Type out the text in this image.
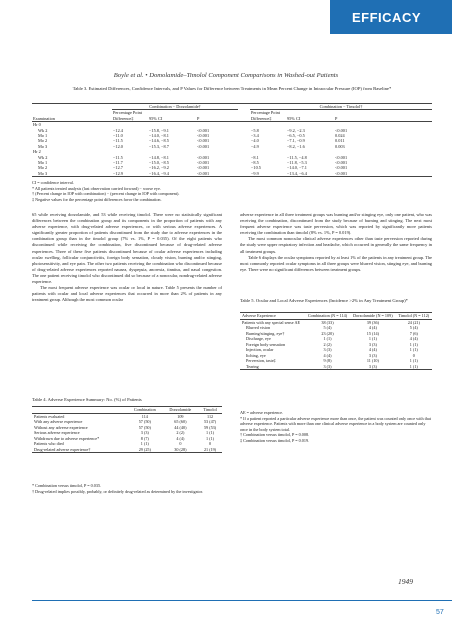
EFFICACY
Boyle et al. • Domolamide–Timolol Component Comparisons in Washed-out Patients
Table 3. Estimated Differences, Confidence Intervals, and P Values for Difference between Treatments in Mean Percent Change in Intraocular Pressure (IOP) from Baseline*
	Combination − Dorzolamide†				Combination − Timolol†		
Examination	Percentage Point Difference‡	95% CI	P		Percentage Point Difference‡	95% CI	P
Hr 0							
Wk 2	−12.4	−15.8, −9.1	<0.001		−5.8	−9.2, −2.3	<0.001
Mo 1	−11.0	−14.0, −8.1	<0.001		−3.4	−6.5, −0.5	0.024
Mo 2	−11.5	−14.6, −8.5	<0.001		−4.0	−7.1, −0.9	0.011
Mo 3	−12.0	−15.3, −8.7	<0.001		−4.9	−8.2, −1.6	0.003
Hr 2							
Wk 2	−11.5	−14.8, −8.1	<0.001		−8.1	−11.5, −4.8	<0.001
Mo 1	−11.7	−15.0, −8.5	<0.001		−8.5	−11.8, −5.3	<0.001
Mo 2	−12.7	−16.2, −9.2	<0.001		−10.5	−14.0, −7.1	<0.001
Mo 3	−12.9	−16.4, −9.4	<0.001		−9.9	−13.4, −6.4	<0.001

CI = confidence interval.
* All patients treated analysis (last observation carried forward) − worse eye.
† (Percent change in IOP with combination) − (percent change in IOP with component).
‡ Negative values for the percentage point differences favor the combination.
65 while receiving dorzolamide, and 53 while receiving timolol. There were no statistically significant differences between the combination group and its components in the proportion of patients with any adverse experience, with drug-related adverse experiences, or with serious adverse experiences. A significantly greater proportion of patients discontinued from the study due to adverse experiences in the combination group than in the timolol group (7% vs. 1%, P = 0.035). Of the eight patients who discontinued while receiving the combination, five discontinued because of drug-related adverse experiences. Three of these five patients discontinued because of ocular adverse experiences including ocular swelling, follicular conjunctivitis, foreign body sensation, cloudy vision, burning and/or stinging, photosensitivity, and eye pain. The other two patients receiving the combination who discontinued because of drug-related adverse experiences reported nausea, dyspepsia, anorexia, tinnitus, and nasal congestion. The one patient receiving timolol who discontinued did so because of a nonocular, nondrug-related adverse experience.
The most frequent adverse experience was ocular or local in nature. Table 5 presents the number of patients with ocular and local adverse experiences that occurred in more than 2% of patients in any treatment group. Although the most common ocular
adverse experience in all three treatment groups was burning and/or stinging eye, only one patient, who was receiving the combination, discontinued from the study because of burning and stinging. The next most frequent adverse experience was taste perversion, which was reported by significantly more patients receiving the combination than timolol (8% vs. 1%, P = 0.019).
The most common nonocular clinical adverse experiences other than taste perversion reported during the study were upper respiratory infection and headache, which occurred in generally the same frequency in all treatment groups.
Table 6 displays the ocular symptoms reported by at least 1% of the patients in any treatment group. The most commonly reported ocular symptoms in all three groups were blurred vision, stinging eye, and burning eye. There were no significant differences between treatment groups.
Table 4. Adverse Experience Summary: No. (%) of Patients
	Combination	Dorzolamide	Timolol
Patients evaluated	114	109	112
With any adverse experience	57 (50)	65 (60)	53 (47)
Without any adverse experience	57 (50)	44 (40)	59 (53)
Serious adverse experience	3 (3)	2 (2)	1 (1)
Withdrawn due to adverse experience*	8 (7)	4 (4)	1 (1)
Patients who died	1 (1)	0	0
Drug-related adverse experience†	29 (25)	30 (28)	21 (19)

* Combination versus timolol, P = 0.035.
† Drug-related implies possibly, probably, or definitely drug-related as determined by the investigator.
Table 5. Ocular and Local Adverse Experiences (Incidence >2% in Any Treatment Group)*
Adverse Experience	Combination (N = 114)	Dorzolamide (N = 109)	Timolol (N = 112)
Patients with any special sense AE	38 (33)	39 (36)	24 (21)
Blurred vision	5 (4)	4 (4)	5 (4)
Burning/stinging, eye†	23 (20)	15 (14)	7 (6)
Discharge, eye	1 (1)	1 (1)	4 (4)
Foreign body sensation	2 (2)	3 (3)	1 (1)
Injection, ocular	3 (3)	4 (4)	1 (1)
Itching, eye	4 (4)	3 (3)	0
Perversion, taste‡	9 (8)	11 (10)	1 (1)
Tearing	3 (3)	3 (3)	1 (1)

AE = adverse experience.
* If a patient reported a particular adverse experience more than once, the patient was counted only once with that adverse experience. Patients with more than one clinical adverse experience in a body system are counted only once in the body system total.
† Combination versus timolol, P = 0.008.
‡ Combination versus timolol, P = 0.019.
1949
57
